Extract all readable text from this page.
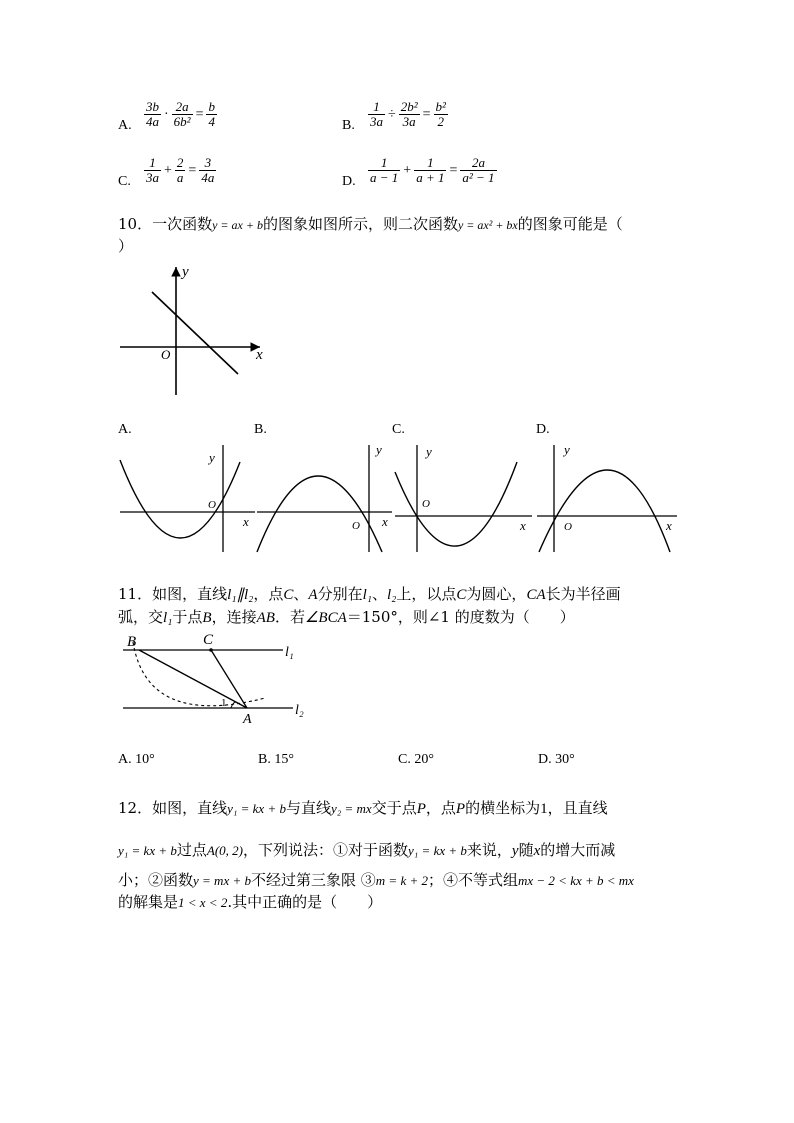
A. $\frac{3b}{4a} \cdot \frac{2a}{\text{6b²}} = \frac{b}{4}$	B. $\frac{1}{3a} \div \frac{\text{2b²}}{3a} = \frac{\text{b²}}{2}$
C. $\frac{1}{3a} + \frac{2}{a} = \frac{3}{4a}$	D. $\frac{1}{a - 1} + \frac{1}{a + 1} = \frac{2a}{\text{a² − 1}}$
10．一次函数y = ax + b的图象如图所示，则二次函数y = ax² + bx的图象可能是（
）
x
y
O
A.	B.	C.	D.
y
O
x
y
O x
y
O
x
y
O	x
11．如图，直线l₁∥l₂，点C、A分别在l₁、l₂上，以点C为圆心，CA长为半径画
弧，交l₁于点B，连接AB．若∠BCA＝150°，则∠1 的度数为（　　）
B	C
A
l₁
l₂
1
A. 10°	B. 15°	C. 20°	D. 30°
12．如图，直线y₁ = kx + b与直线y₂ = mx交于点P，点P的横坐标为1，且直线
y₁ = kx + b过点A(0, 2)，下列说法：①对于函数y₁ = kx + b来说，y随x的增大而减
小；②函数y = mx + b不经过第三象限 ③m = k + 2；④不等式组mx − 2 < kx + b < mx
的解集是1 < x < 2.其中正确的是（　　）
